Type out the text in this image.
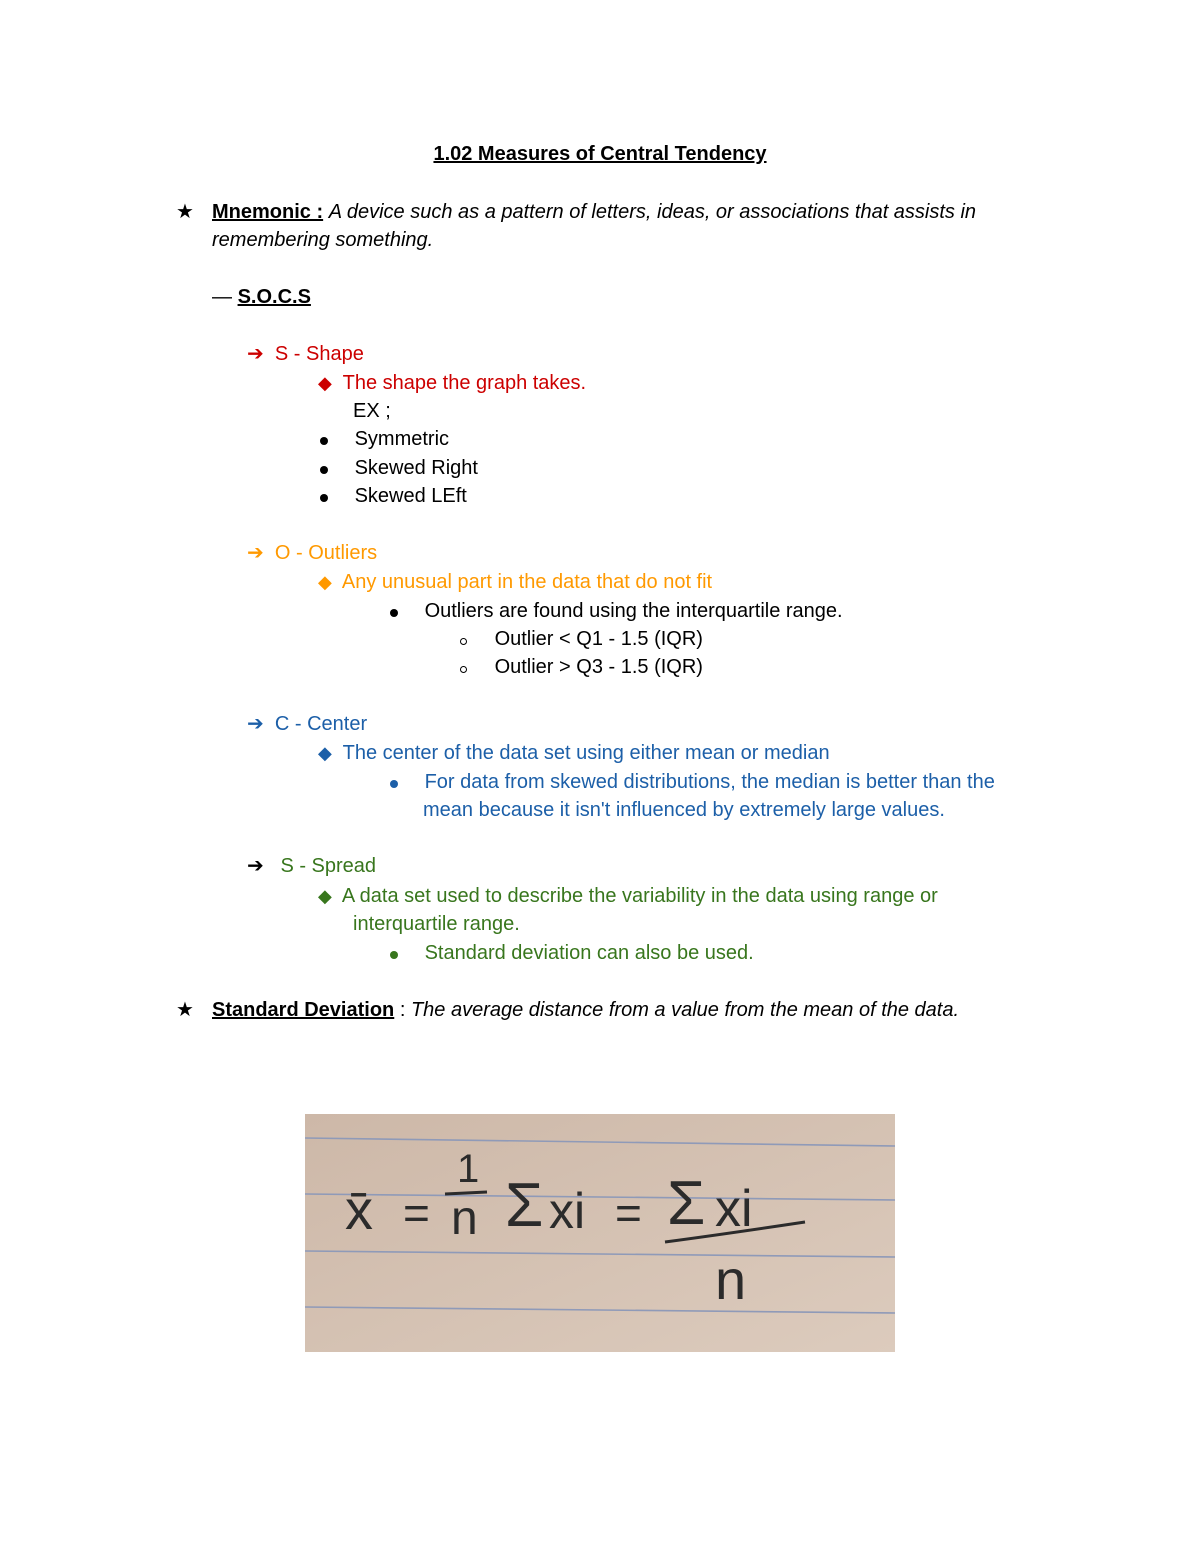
1.02 Measures of Central Tendency
★ Mnemonic : A device such as a pattern of letters, ideas, or associations that assists in
remembering something.
— S.O.C.S
➔ S - Shape
◆ The shape the graph takes.
EX ;
Symmetric
Skewed Right
Skewed LEft
➔ O - Outliers
◆ Any unusual part in the data that do not fit
Outliers are found using the interquartile range.
Outlier < Q1 - 1.5 (IQR)
Outlier > Q3 - 1.5 (IQR)
➔ C - Center
◆ The center of the data set using either mean or median
For data from skewed distributions, the median is better than the
mean because it isn't influenced by extremely large values.
➔ S - Spread
◆ A data set used to describe the variability in the data using range or
interquartile range.
Standard deviation can also be used.
★ Standard Deviation : The average distance from a value from the mean of the data.
x̄ =
1
n Σ xi = Σ xi
n
